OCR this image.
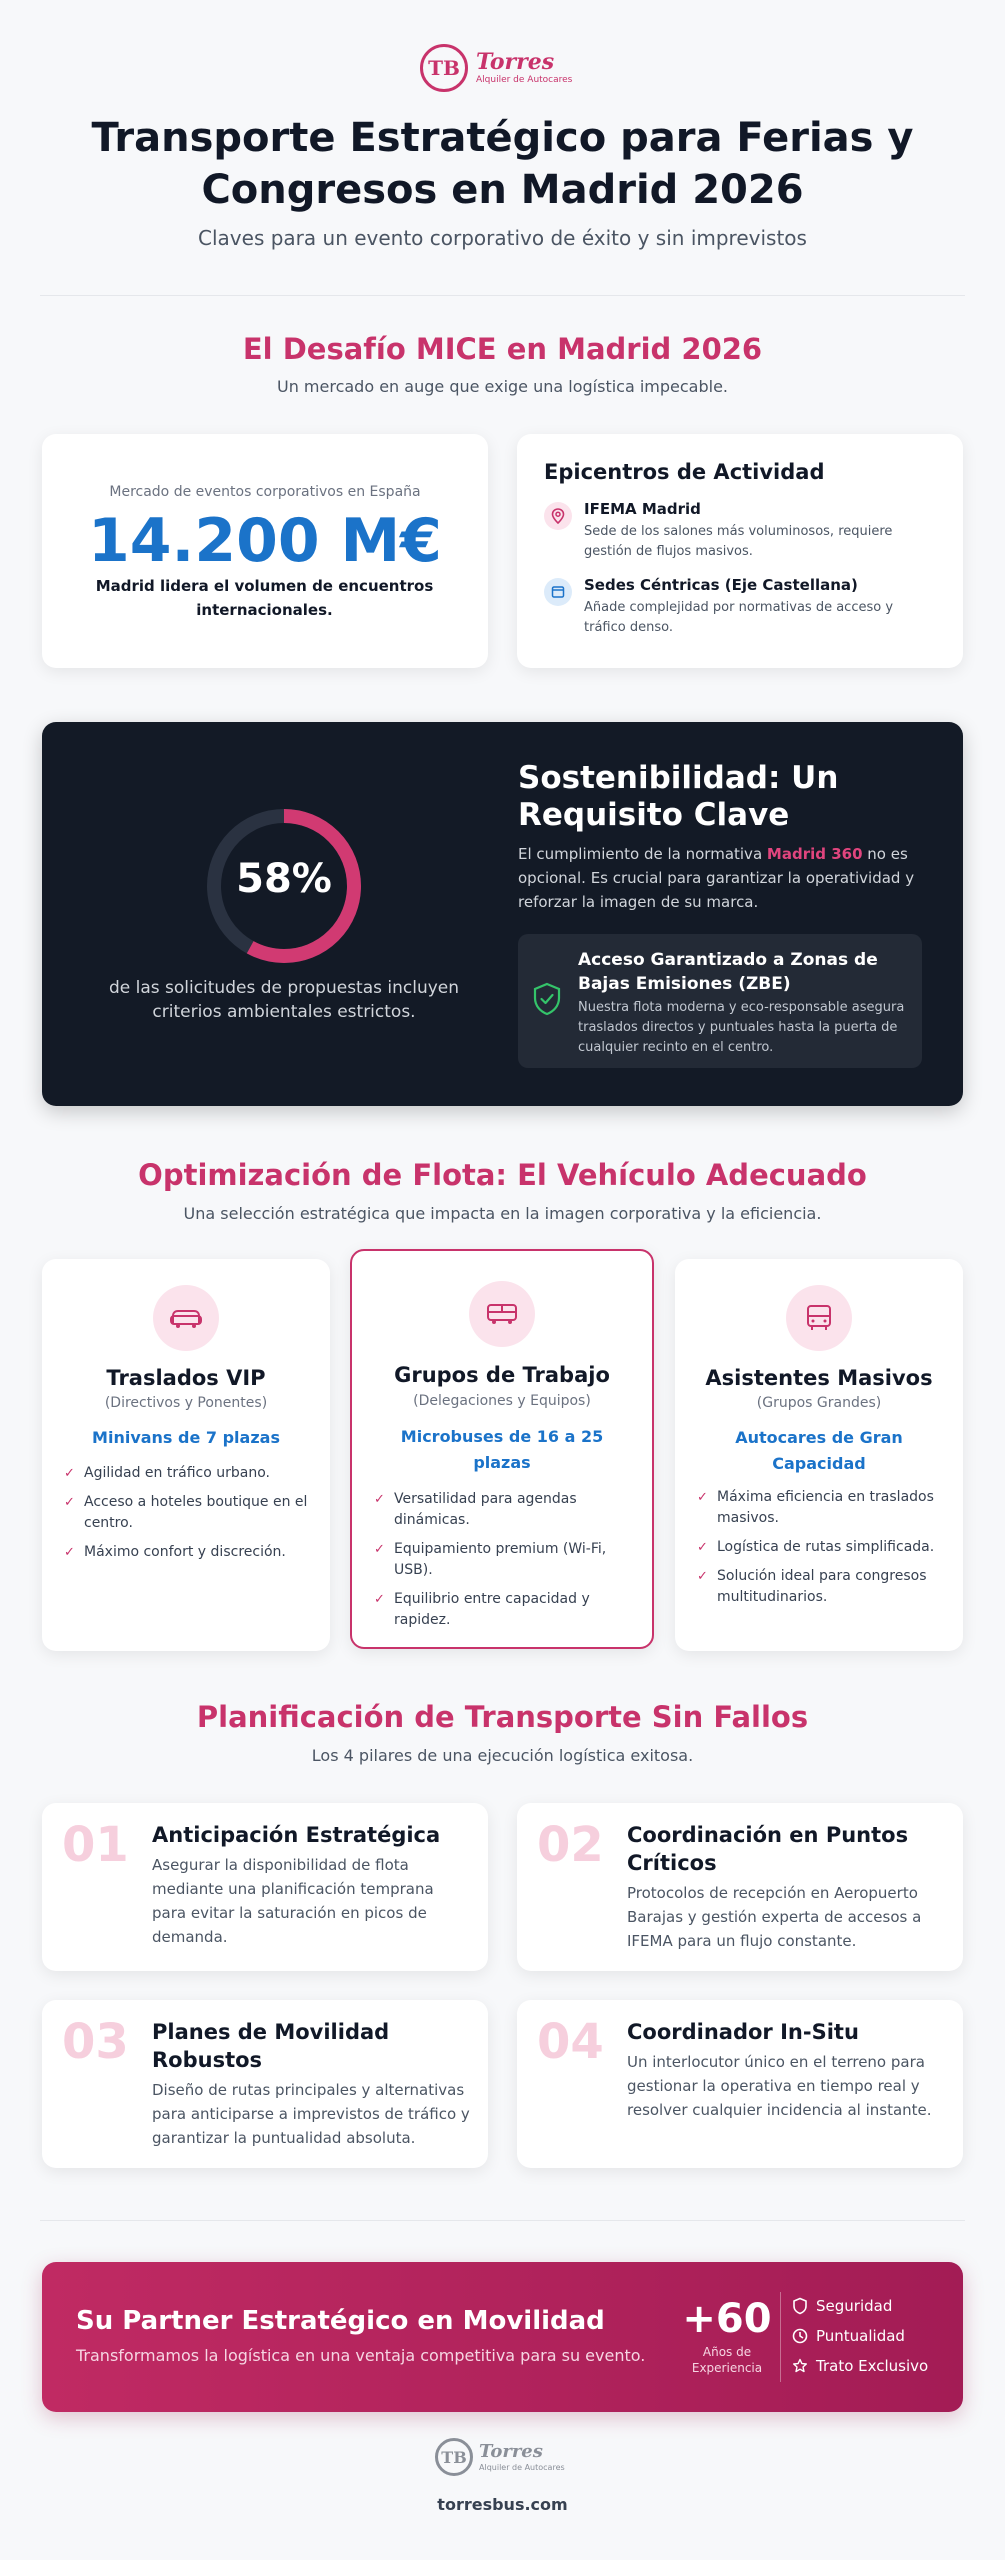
TB Torres
Alquiler de Autocares
Transporte Estratégico para Ferias y Congresos en Madrid 2026
Claves para un evento corporativo de éxito y sin imprevistos
El Desafío MICE en Madrid 2026
Un mercado en auge que exige una logística impecable.
Mercado de eventos corporativos en España
14.200 M€
Madrid lidera el volumen de encuentros internacionales.
Epicentros de Actividad
IFEMA Madrid
Sede de los salones más voluminosos, requiere gestión de flujos masivos.
Sedes Céntricas (Eje Castellana)
Añade complejidad por normativas de acceso y tráfico denso.
58%
de las solicitudes de propuestas incluyen criterios ambientales estrictos.
Sostenibilidad: Un Requisito Clave
El cumplimiento de la normativa Madrid 360 no es opcional. Es crucial para garantizar la operatividad y reforzar la imagen de su marca.
Acceso Garantizado a Zonas de Bajas Emisiones (ZBE)
Nuestra flota moderna y eco-responsable asegura traslados directos y puntuales hasta la puerta de cualquier recinto en el centro.
Optimización de Flota: El Vehículo Adecuado
Una selección estratégica que impacta en la imagen corporativa y la eficiencia.
Traslados VIP
(Directivos y Ponentes)
Minivans de 7 plazas
✓ Agilidad en tráfico urbano.
✓ Acceso a hoteles boutique en el centro.
✓ Máximo confort y discreción.
Grupos de Trabajo
(Delegaciones y Equipos)
Microbuses de 16 a 25 plazas
✓ Versatilidad para agendas dinámicas.
✓ Equipamiento premium (Wi-Fi, USB).
✓ Equilibrio entre capacidad y rapidez.
Asistentes Masivos
(Grupos Grandes)
Autocares de Gran Capacidad
✓ Máxima eficiencia en traslados masivos.
✓ Logística de rutas simplificada.
✓ Solución ideal para congresos multitudinarios.
Planificación de Transporte Sin Fallos
Los 4 pilares de una ejecución logística exitosa.
01 Anticipación Estratégica
Asegurar la disponibilidad de flota mediante una planificación temprana para evitar la saturación en picos de demanda.
02 Coordinación en Puntos Críticos
Protocolos de recepción en Aeropuerto Barajas y gestión experta de accesos a IFEMA para un flujo constante.
03 Planes de Movilidad Robustos
Diseño de rutas principales y alternativas para anticiparse a imprevistos de tráfico y garantizar la puntualidad absoluta.
04 Coordinador In-Situ
Un interlocutor único en el terreno para gestionar la operativa en tiempo real y resolver cualquier incidencia al instante.
Su Partner Estratégico en Movilidad
Transformamos la logística en una ventaja competitiva para su evento.
+60
Años de Experiencia
Seguridad
Puntualidad
Trato Exclusivo
TB Torres
Alquiler de Autocares
torresbus.com
